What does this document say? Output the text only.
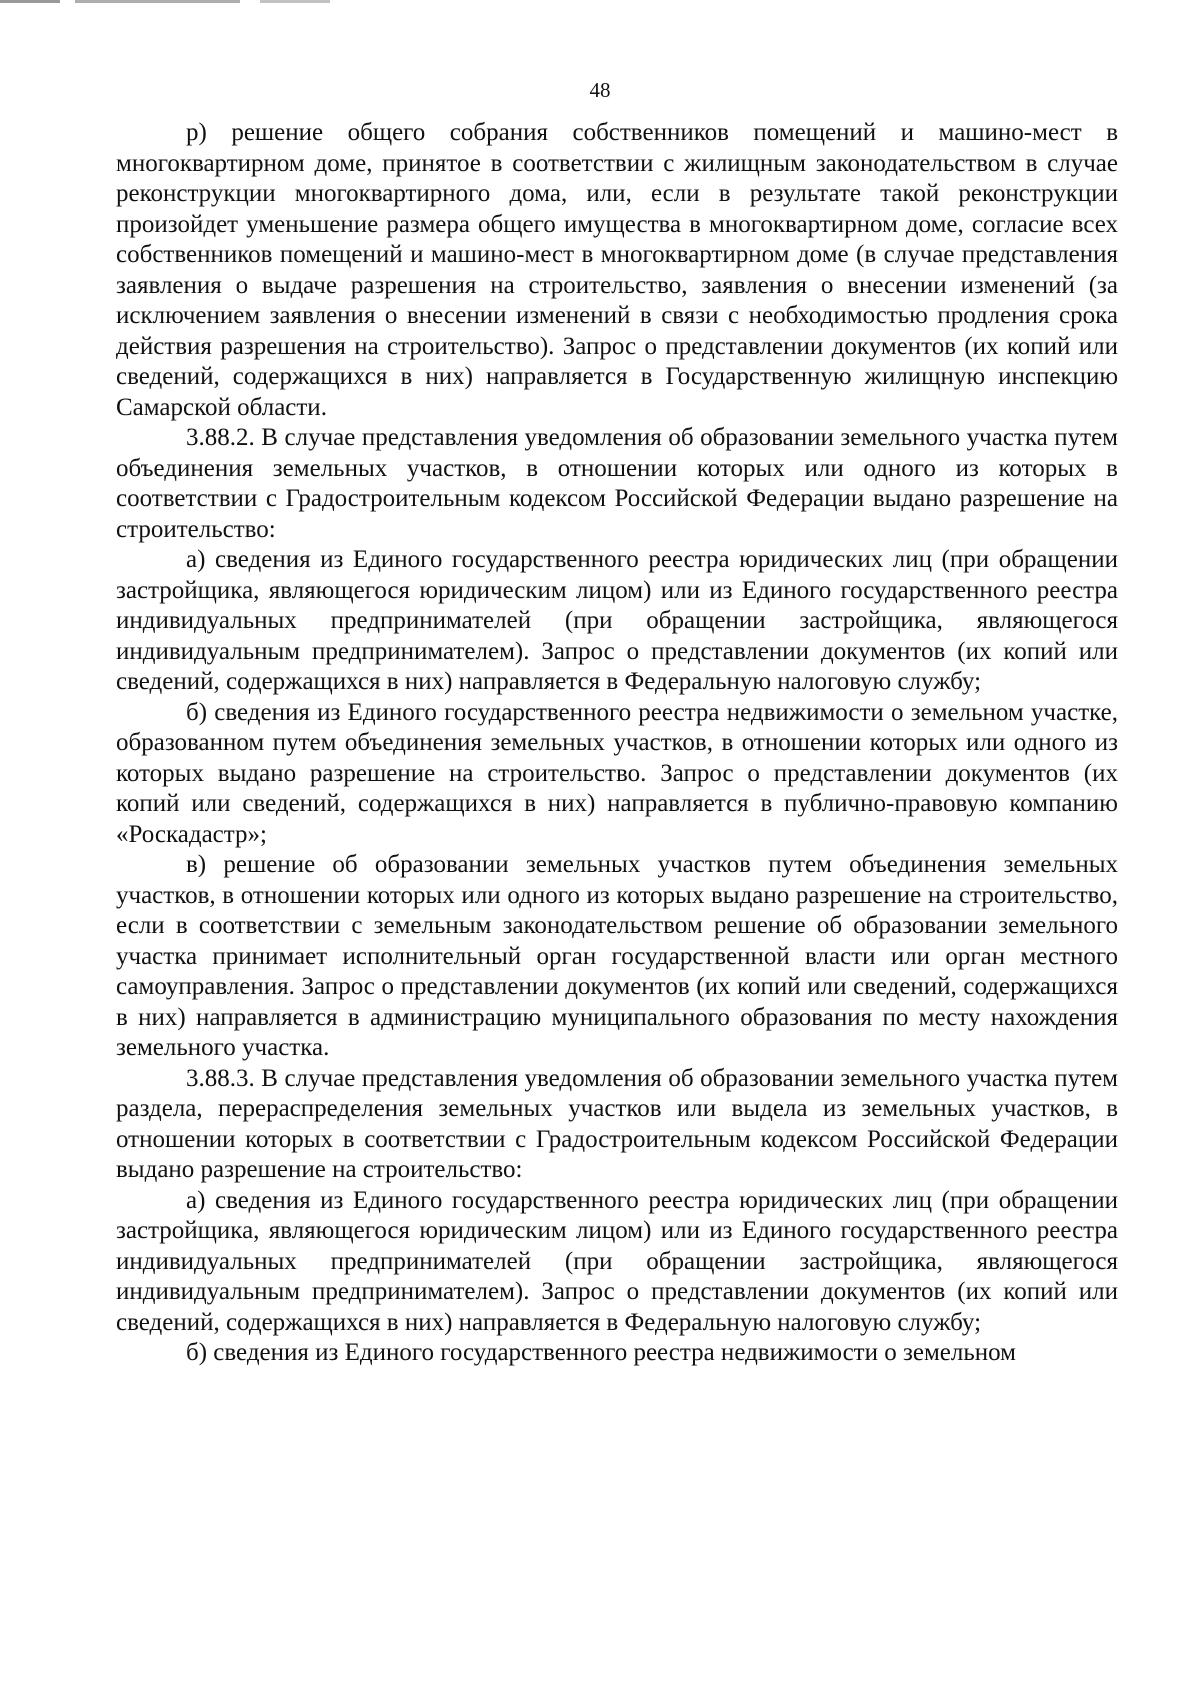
48

р) решение общего собрания собственников помещений и машино-мест в многоквартирном доме, принятое в соответствии с жилищным законодательством в случае реконструкции многоквартирного дома, или, если в результате такой реконструкции произойдет уменьшение размера общего имущества в многоквартирном доме, согласие всех собственников помещений и машино-мест в многоквартирном доме (в случае представления заявления о выдаче разрешения на строительство, заявления о внесении изменений (за исключением заявления о внесении изменений в связи с необходимостью продления срока действия разрешения на строительство). Запрос о представлении документов (их копий или сведений, содержащихся в них) направляется в Государственную жилищную инспекцию Самарской области.

3.88.2. В случае представления уведомления об образовании земельного участка путем объединения земельных участков, в отношении которых или одного из которых в соответствии с Градостроительным кодексом Российской Федерации выдано разрешение на строительство:

а) сведения из Единого государственного реестра юридических лиц (при обращении застройщика, являющегося юридическим лицом) или из Единого государственного реестра индивидуальных предпринимателей (при обращении застройщика, являющегося индивидуальным предпринимателем). Запрос о представлении документов (их копий или сведений, содержащихся в них) направляется в Федеральную налоговую службу;

б) сведения из Единого государственного реестра недвижимости о земельном участке, образованном путем объединения земельных участков, в отношении которых или одного из которых выдано разрешение на строительство. Запрос о представлении документов (их копий или сведений, содержащихся в них) направляется в публично-правовую компанию «Роскадастр»;

в) решение об образовании земельных участков путем объединения земельных участков, в отношении которых или одного из которых выдано разрешение на строительство, если в соответствии с земельным законодательством решение об образовании земельного участка принимает исполнительный орган государственной власти или орган местного самоуправления. Запрос о представлении документов (их копий или сведений, содержащихся в них) направляется в администрацию муниципального образования по месту нахождения земельного участка.

3.88.3. В случае представления уведомления об образовании земельного участка путем раздела, перераспределения земельных участков или выдела из земельных участков, в отношении которых в соответствии с Градостроительным кодексом Российской Федерации выдано разрешение на строительство:

а) сведения из Единого государственного реестра юридических лиц (при обращении застройщика, являющегося юридическим лицом) или из Единого государственного реестра индивидуальных предпринимателей (при обращении застройщика, являющегося индивидуальным предпринимателем). Запрос о представлении документов (их копий или сведений, содержащихся в них) направляется в Федеральную налоговую службу;

б) сведения из Единого государственного реестра недвижимости о земельном
